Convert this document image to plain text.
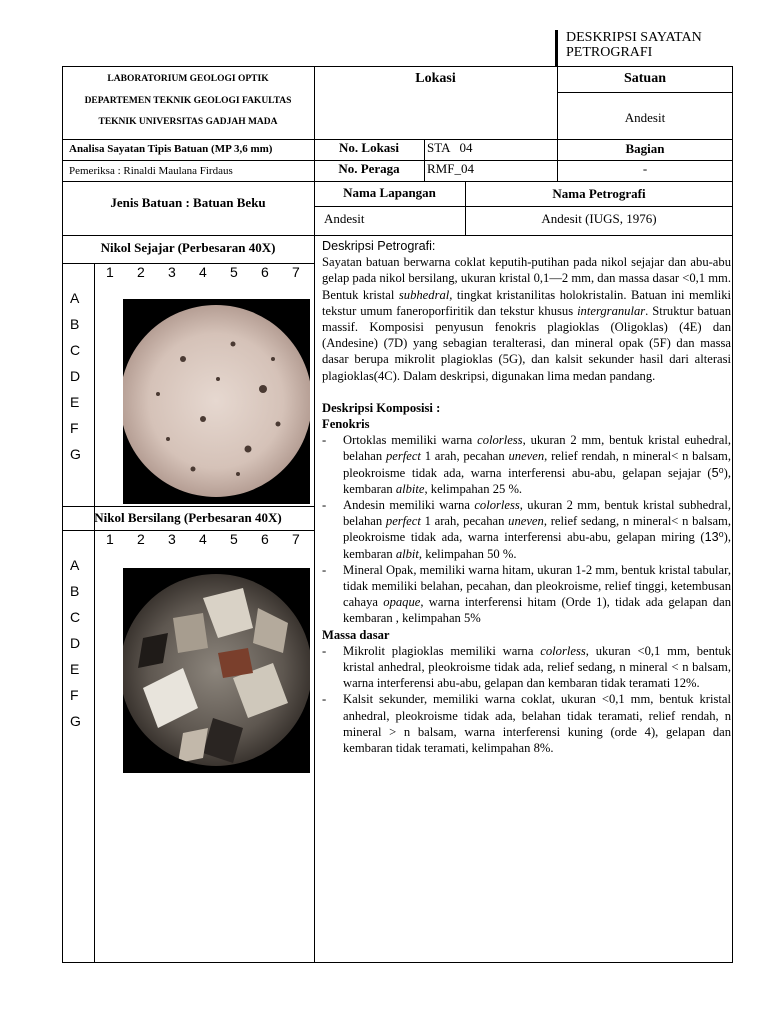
DESKRIPSI SAYATAN PETROGRAFI
LABORATORIUM GEOLOGI OPTIK
DEPARTEMEN TEKNIK GEOLOGI FAKULTAS
TEKNIK UNIVERSITAS GADJAH MADA
Lokasi	Satuan
Andesit
Analisa Sayatan Tipis Batuan (MP 3,6 mm)	No. Lokasi	STA   04	Bagian
Pemeriksa : Rinaldi Maulana Firdaus	No. Peraga	RMF_04	-
Jenis Batuan : Batuan Beku
Nama Lapangan	Nama Petrografi
Andesit	Andesit (IUGS, 1976)
Nikol Sejajar (Perbesaran 40X)
1 2 3 4 5 6 7
A
B
C
D
E
F
G
Nikol Bersilang (Perbesaran 40X)
1 2 3 4 5 6 7
A
B
C
D
E
F
G

Deskripsi Petrografi:

Sayatan batuan berwarna coklat keputih-putihan pada nikol sejajar dan abu-abu gelap pada nikol bersilang, ukuran kristal 0,1—2 mm, dan massa dasar <0,1 mm. Bentuk kristal subhedral, tingkat kristanilitas holokristalin. Batuan ini memliki tekstur umum faneroporfiritik dan tekstur khusus intergranular. Struktur batuan massif. Komposisi penyusun fenokris plagioklas (Oligoklas) (4E) dan (Andesine) (7D) yang sebagian teralterasi, dan mineral opak (5F) dan massa dasar berupa mikrolit plagioklas (5G), dan kalsit sekunder hasil dari alterasi plagioklas(4C). Dalam deskripsi, digunakan lima medan pandang.

Deskripsi Komposisi :

Fenokris

- Ortoklas memiliki warna colorless, ukuran 2 mm, bentuk kristal euhedral, belahan perfect 1 arah, pecahan uneven, relief rendah, n mineral< n balsam, pleokroisme tidak ada, warna interferensi abu-abu, gelapan sejajar (5⁰), kembaran albite, kelimpahan 25 %.

- Andesin memiliki warna colorless, ukuran 2 mm, bentuk kristal subhedral, belahan perfect 1 arah, pecahan uneven, relief sedang, n mineral< n balsam, pleokroisme tidak ada, warna interferensi abu-abu, gelapan miring (13⁰), kembaran albit, kelimpahan 50 %.

- Mineral Opak, memiliki warna hitam, ukuran 1-2 mm, bentuk kristal tabular, tidak memiliki belahan, pecahan, dan pleokroisme, relief tinggi, ketembusan cahaya opaque, warna interferensi hitam (Orde 1), tidak ada gelapan dan kembaran , kelimpahan 5%

Massa dasar

- Mikrolit plagioklas memiliki warna colorless, ukuran <0,1 mm, bentuk kristal anhedral, pleokroisme tidak ada, relief sedang, n mineral < n balsam, warna interferensi abu-abu, gelapan dan kembaran tidak teramati 12%.

- Kalsit sekunder, memiliki warna coklat, ukuran <0,1 mm, bentuk kristal anhedral, pleokroisme tidak ada, belahan tidak teramati, relief rendah, n mineral > n balsam, warna interferensi kuning (orde 4), gelapan dan kembaran tidak teramati, kelimpahan 8%.
